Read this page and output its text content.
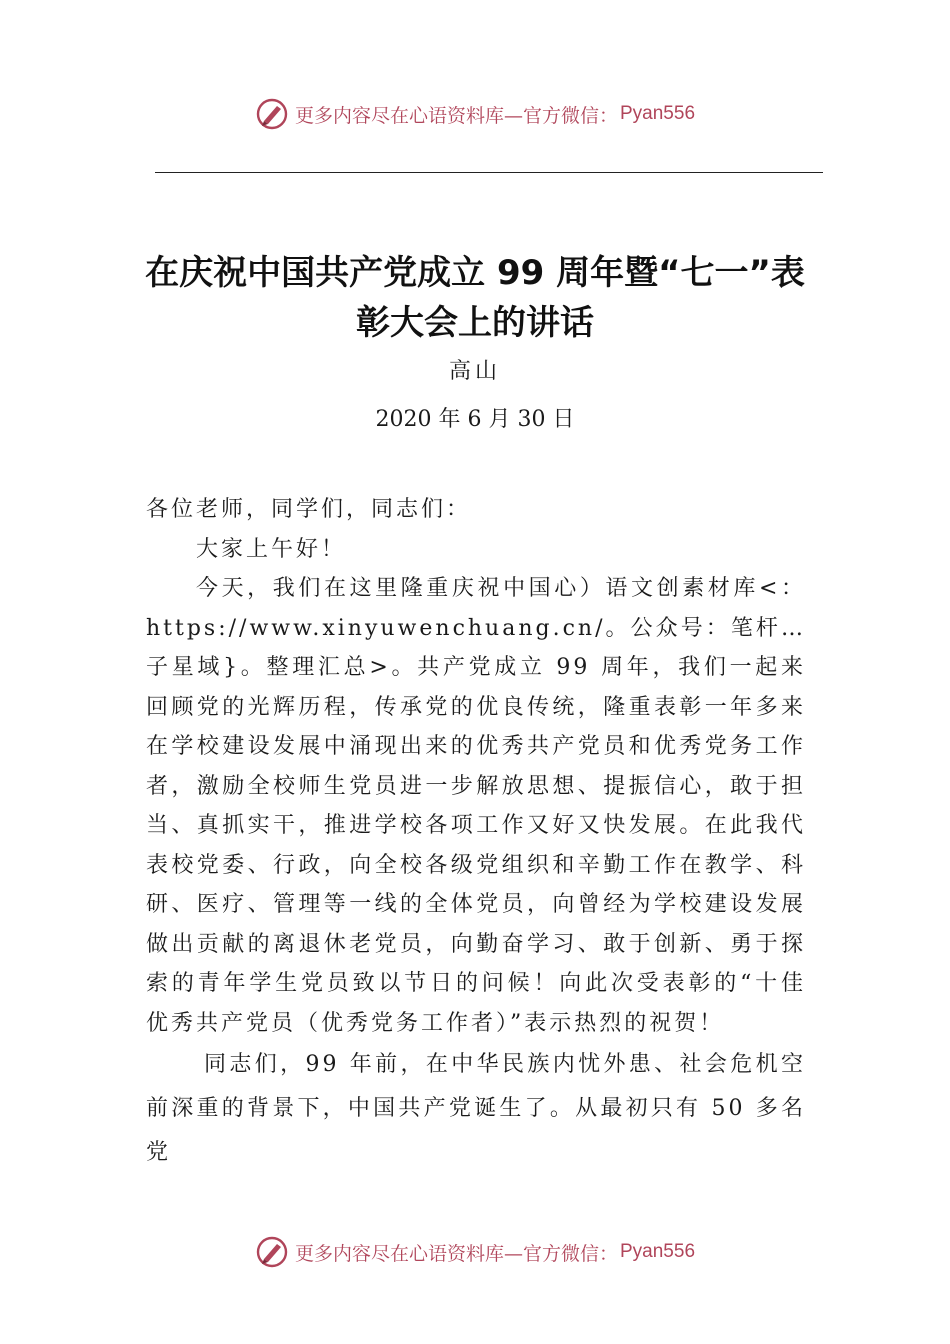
更多内容尽在心语资料库—官方微信： Pyan556
在庆祝中国共产党成立 99 周年暨“七一”表彰大会上的讲话
高山
2020 年 6 月 30 日

各位老师，同学们，同志们：

大家上午好！

今天，我们在这里隆重庆祝中国心）语文创素材库<：https://www.xinyuwenchuang.cn/。公众号：笔杆…子星域}。整理汇总>。共产党成立 99 周年，我们一起来回顾党的光辉历程，传承党的优良传统，隆重表彰一年多来在学校建设发展中涌现出来的优秀共产党员和优秀党务工作者，激励全校师生党员进一步解放思想、提振信心，敢于担当、真抓实干，推进学校各项工作又好又快发展。在此我代表校党委、行政，向全校各级党组织和辛勤工作在教学、科研、医疗、管理等一线的全体党员，向曾经为学校建设发展做出贡献的离退休老党员，向勤奋学习、敢于创新、勇于探索的青年学生党员致以节日的问候！向此次受表彰的“十佳优秀共产党员（优秀党务工作者）”表示热烈的祝贺！

同志们，99 年前，在中华民族内忧外患、社会危机空前深重的背景下，中国共产党诞生了。从最初只有 50 多名党

更多内容尽在心语资料库—官方微信： Pyan556
